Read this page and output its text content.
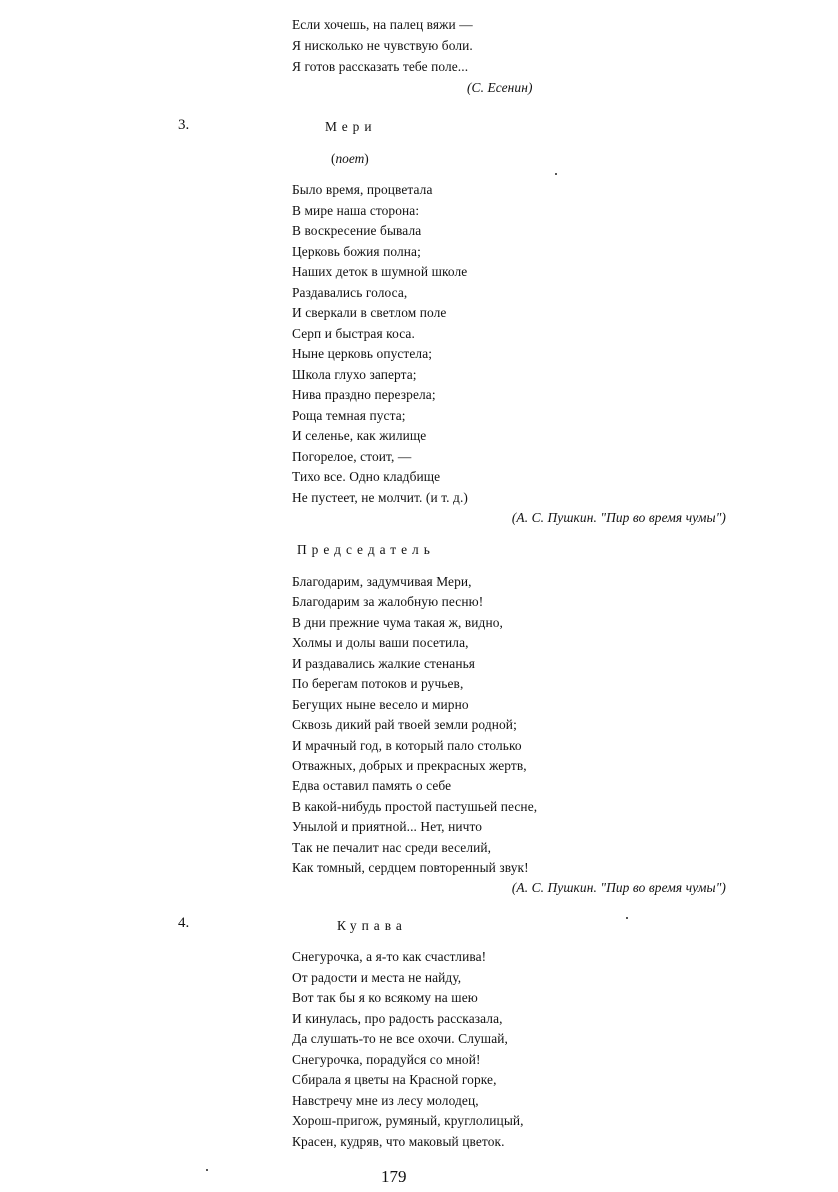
Если хочешь, на палец вяжи —
Я нисколько не чувствую боли.
Я готов рассказать тебе поле...
(С. Есенин)
3.	Мери
(поет)
Было время, процветала
В мире наша сторона:
В воскресение бывала
Церковь божия полна;
Наших деток в шумной школе
Раздавались голоса,
И сверкали в светлом поле
Серп и быстрая коса.
Ныне церковь опустела;
Школа глухо заперта;
Нива праздно перезрела;
Роща темная пуста;
И селенье, как жилище
Погорелое, стоит, —
Тихо все. Одно кладбище
Не пустеет, не молчит. (и т. д.)
(А. С. Пушкин. "Пир во время чумы")
Председатель
Благодарим, задумчивая Мери,
Благодарим за жалобную песню!
В дни прежние чума такая ж, видно,
Холмы и долы ваши посетила,
И раздавались жалкие стенанья
По берегам потоков и ручьев,
Бегущих ныне весело и мирно
Сквозь дикий рай твоей земли родной;
И мрачный год, в который пало столько
Отважных, добрых и прекрасных жертв,
Едва оставил память о себе
В какой-нибудь простой пастушьей песне,
Унылой и приятной... Нет, ничто
Так не печалит нас среди веселий,
Как томный, сердцем повторенный звук!
(А. С. Пушкин. "Пир во время чумы")
4.	Купава
Снегурочка, а я-то как счастлива!
От радости и места не найду,
Вот так бы я ко всякому на шею
И кинулась, про радость рассказала,
Да слушать-то не все охочи. Слушай,
Снегурочка, порадуйся со мной!
Сбирала я цветы на Красной горке,
Навстречу мне из лесу молодец,
Хорош-пригож, румяный, круглолицый,
Красен, кудряв, что маковый цветок.
179
